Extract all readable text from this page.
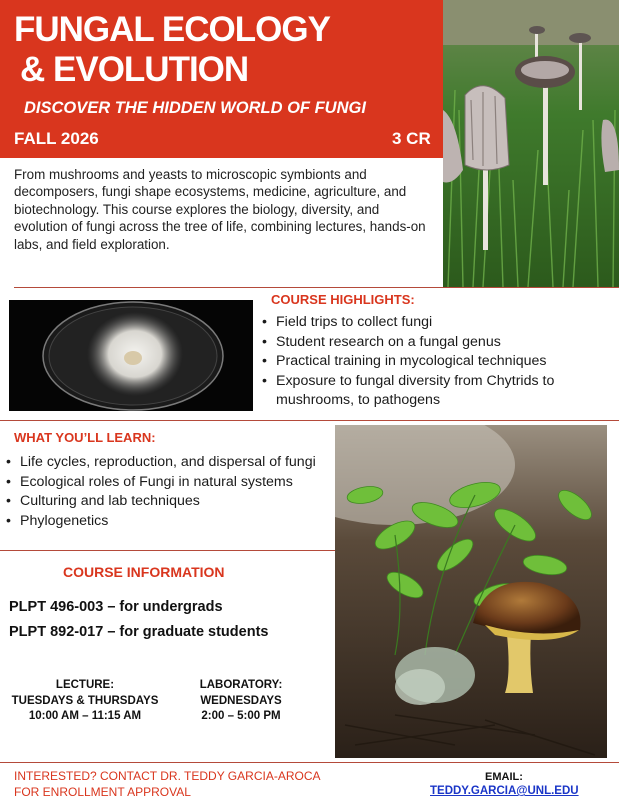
FUNGAL ECOLOGY
& EVOLUTION
DISCOVER THE HIDDEN WORLD OF FUNGI
FALL 2026	3 CR
From mushrooms and yeasts to microscopic symbionts and decomposers, fungi shape ecosystems, medicine, agriculture, and biotechnology. This course explores the biology, diversity, and evolution of fungi across the tree of life, combining lectures, hands-on labs, and field exploration.
COURSE HIGHLIGHTS:
• Field trips to collect fungi
• Student research on a fungal genus
• Practical training in mycological techniques
• Exposure to fungal diversity from Chytrids to mushrooms, to pathogens
WHAT YOU’LL LEARN:
• Life cycles, reproduction, and dispersal of fungi
• Ecological roles of Fungi in natural systems
• Culturing and lab techniques
• Phylogenetics
COURSE INFORMATION
PLPT 496-003 – for undergrads
PLPT 892-017 – for graduate students
LECTURE:
TUESDAYS & THURSDAYS
10:00 AM – 11:15 AM
LABORATORY:
WEDNESDAYS
2:00 – 5:00 PM
INTERESTED? CONTACT DR. TEDDY GARCIA-AROCA
FOR ENROLLMENT APPROVAL
EMAIL:
TEDDY.GARCIA@UNL.EDU
